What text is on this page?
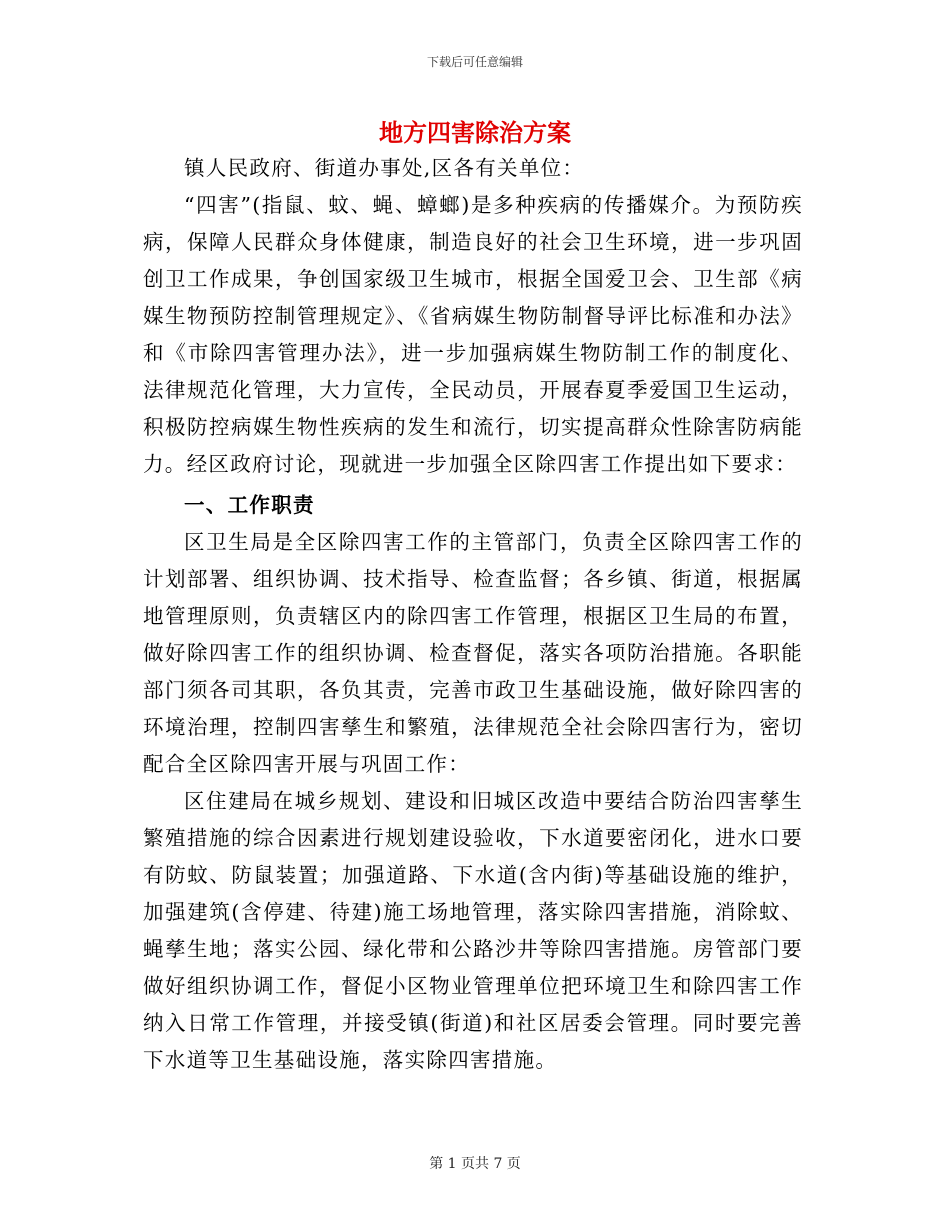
下载后可任意编辑
地方四害除治方案

镇人民政府、街道办事处,区各有关单位：

“四害”(指鼠、蚊、蝇、蟑螂)是多种疾病的传播媒介。为预防疾病，保障人民群众身体健康，制造良好的社会卫生环境，进一步巩固创卫工作成果，争创国家级卫生城市，根据全国爱卫会、卫生部《病媒生物预防控制管理规定》、《省病媒生物防制督导评比标准和办法》和《市除四害管理办法》，进一步加强病媒生物防制工作的制度化、法律规范化管理，大力宣传，全民动员，开展春夏季爱国卫生运动，积极防控病媒生物性疾病的发生和流行，切实提高群众性除害防病能力。经区政府讨论，现就进一步加强全区除四害工作提出如下要求：

一、工作职责

区卫生局是全区除四害工作的主管部门，负责全区除四害工作的计划部署、组织协调、技术指导、检查监督；各乡镇、街道，根据属地管理原则，负责辖区内的除四害工作管理，根据区卫生局的布置，做好除四害工作的组织协调、检查督促，落实各项防治措施。各职能部门须各司其职，各负其责，完善市政卫生基础设施，做好除四害的环境治理，控制四害孳生和繁殖，法律规范全社会除四害行为，密切配合全区除四害开展与巩固工作：

区住建局在城乡规划、建设和旧城区改造中要结合防治四害孳生繁殖措施的综合因素进行规划建设验收，下水道要密闭化，进水口要有防蚊、防鼠装置；加强道路、下水道(含内街)等基础设施的维护，加强建筑(含停建、待建)施工场地管理，落实除四害措施，消除蚊、蝇孳生地；落实公园、绿化带和公路沙井等除四害措施。房管部门要做好组织协调工作，督促小区物业管理单位把环境卫生和除四害工作纳入日常工作管理，并接受镇(街道)和社区居委会管理。同时要完善下水道等卫生基础设施，落实除四害措施。

第 1 页共 7 页
